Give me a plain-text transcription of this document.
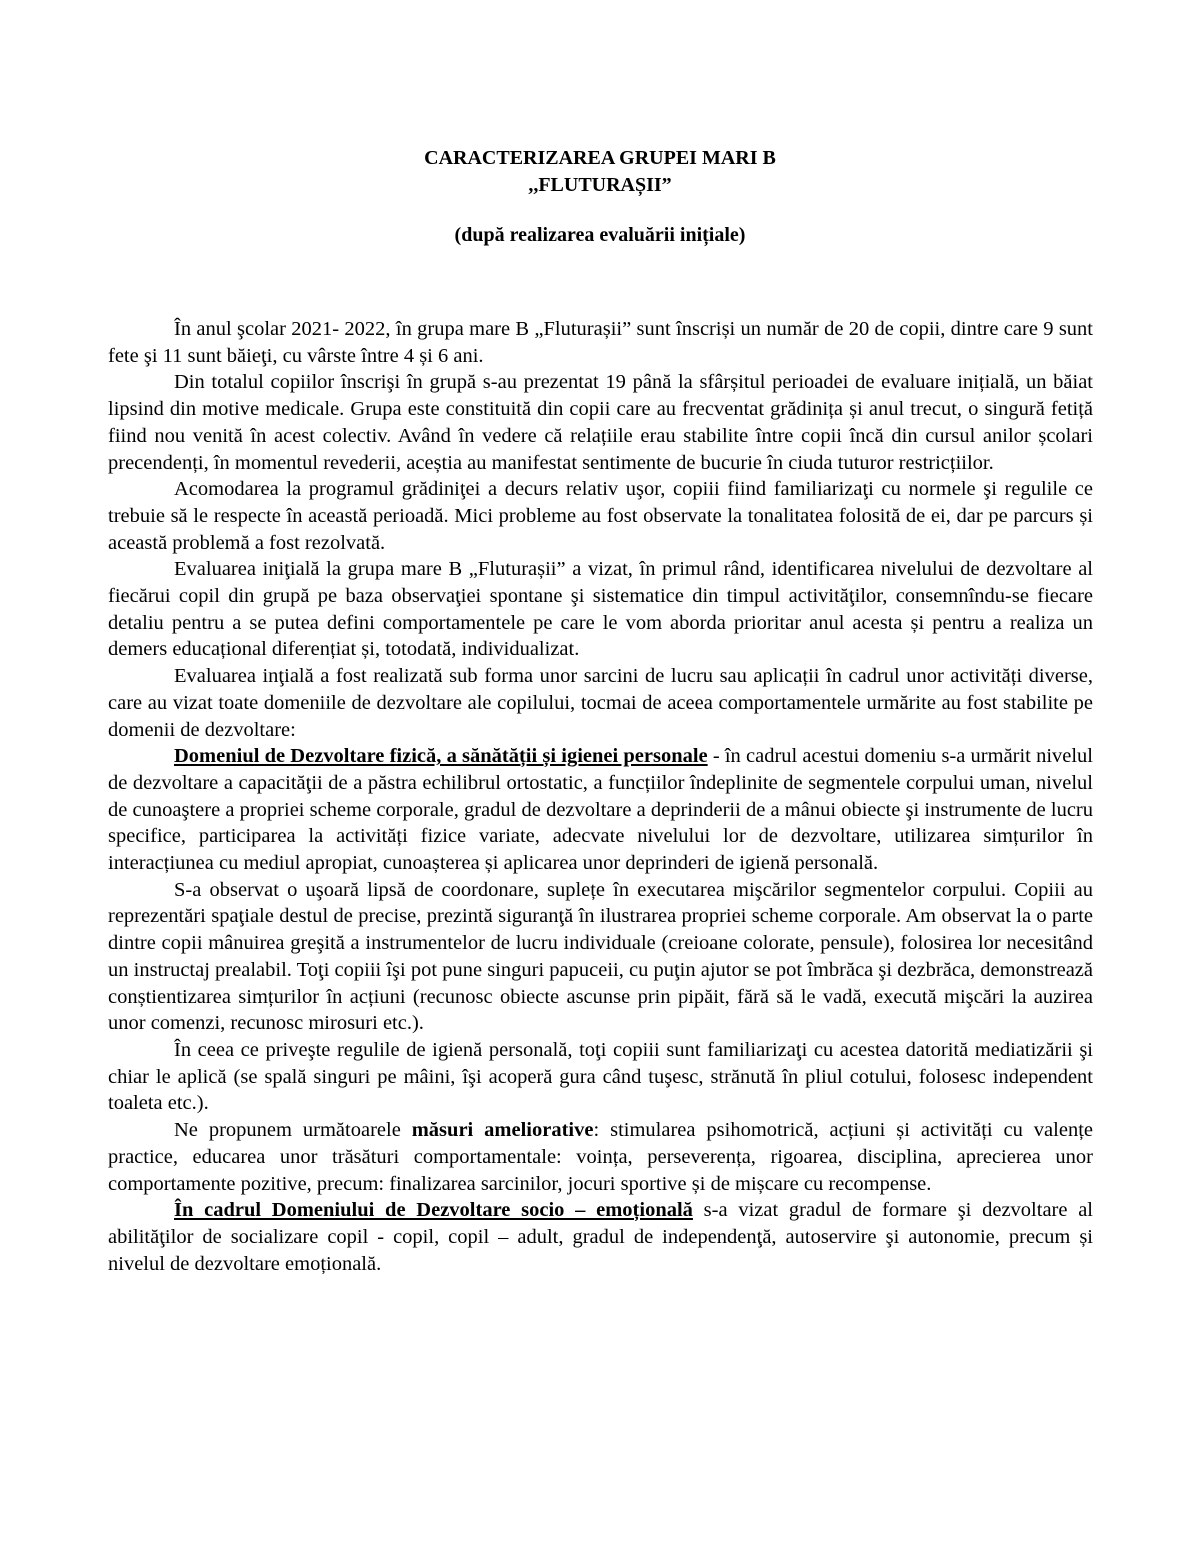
CARACTERIZAREA GRUPEI MARI B
,,FLUTURAȘII”
(după realizarea evaluării inițiale)

În anul şcolar 2021- 2022, în grupa mare B „Fluturașii” sunt înscriși un număr de 20 de copii, dintre care 9 sunt fete şi 11 sunt băieţi, cu vârste între 4 și 6 ani.

Din totalul copiilor înscrişi în grupă s-au prezentat 19 până la sfârșitul perioadei de evaluare inițială, un băiat lipsind din motive medicale. Grupa este constituită din copii care au frecventat grădinița și anul trecut, o singură fetiță fiind nou venită în acest colectiv. Având în vedere că relațiile erau stabilite între copii încă din cursul anilor școlari precendenți, în momentul revederii, aceștia au manifestat sentimente de bucurie în ciuda tuturor restricțiilor.

Acomodarea la programul grădiniţei a decurs relativ uşor, copiii fiind familiarizaţi cu normele şi regulile ce trebuie să le respecte în această perioadă. Mici probleme au fost observate la tonalitatea folosită de ei, dar pe parcurs și această problemă a fost rezolvată.

Evaluarea iniţială la grupa mare B „Fluturașii” a vizat, în primul rând, identificarea nivelului de dezvoltare al fiecărui copil din grupă pe baza observaţiei spontane şi sistematice din timpul activităţilor, consemnîndu-se fiecare detaliu pentru a se putea defini comportamentele pe care le vom aborda prioritar anul acesta și pentru a realiza un demers educațional diferențiat și, totodată, individualizat.

Evaluarea inţială a fost realizată sub forma unor sarcini de lucru sau aplicații în cadrul unor activități diverse, care au vizat toate domeniile de dezvoltare ale copilului, tocmai de aceea comportamentele urmărite au fost stabilite pe domenii de dezvoltare:

Domeniul de Dezvoltare fizică, a sănătății și igienei personale - în cadrul acestui domeniu s-a urmărit nivelul de dezvoltare a capacităţii de a păstra echilibrul ortostatic, a funcțiilor îndeplinite de segmentele corpului uman, nivelul de cunoaştere a propriei scheme corporale, gradul de dezvoltare a deprinderii de a mânui obiecte şi instrumente de lucru specifice, participarea la activități fizice variate, adecvate nivelului lor de dezvoltare, utilizarea simțurilor în interacțiunea cu mediul apropiat, cunoașterea și aplicarea unor deprinderi de igienă personală.

S-a observat o uşoară lipsă de coordonare, suplețe în executarea mişcărilor segmentelor corpului. Copiii au reprezentări spaţiale destul de precise, prezintă siguranţă în ilustrarea propriei scheme corporale. Am observat la o parte dintre copii mânuirea greşită a instrumentelor de lucru individuale (creioane colorate, pensule), folosirea lor necesitând un instructaj prealabil. Toţi copiii îşi pot pune singuri papuceii, cu puţin ajutor se pot îmbrăca şi dezbrăca, demonstrează conștientizarea simțurilor în acțiuni (recunosc obiecte ascunse prin pipăit, fără să le vadă, execută mişcări la auzirea unor comenzi, recunosc mirosuri etc.).

În ceea ce priveşte regulile de igienă personală, toţi copiii sunt familiarizaţi cu acestea datorită mediatizării şi chiar le aplică (se spală singuri pe mâini, îşi acoperă gura când tuşesc, strănută în pliul cotului, folosesc independent toaleta etc.).

Ne propunem următoarele măsuri ameliorative: stimularea psihomotrică, acțiuni și activități cu valențe practice, educarea unor trăsături comportamentale: voința, perseverența, rigoarea, disciplina, aprecierea unor comportamente pozitive, precum: finalizarea sarcinilor, jocuri sportive și de mișcare cu recompense.

În cadrul Domeniului de Dezvoltare socio – emoțională s-a vizat gradul de formare şi dezvoltare al abilităţilor de socializare copil - copil, copil – adult, gradul de independenţă, autoservire şi autonomie, precum și nivelul de dezvoltare emoțională.
